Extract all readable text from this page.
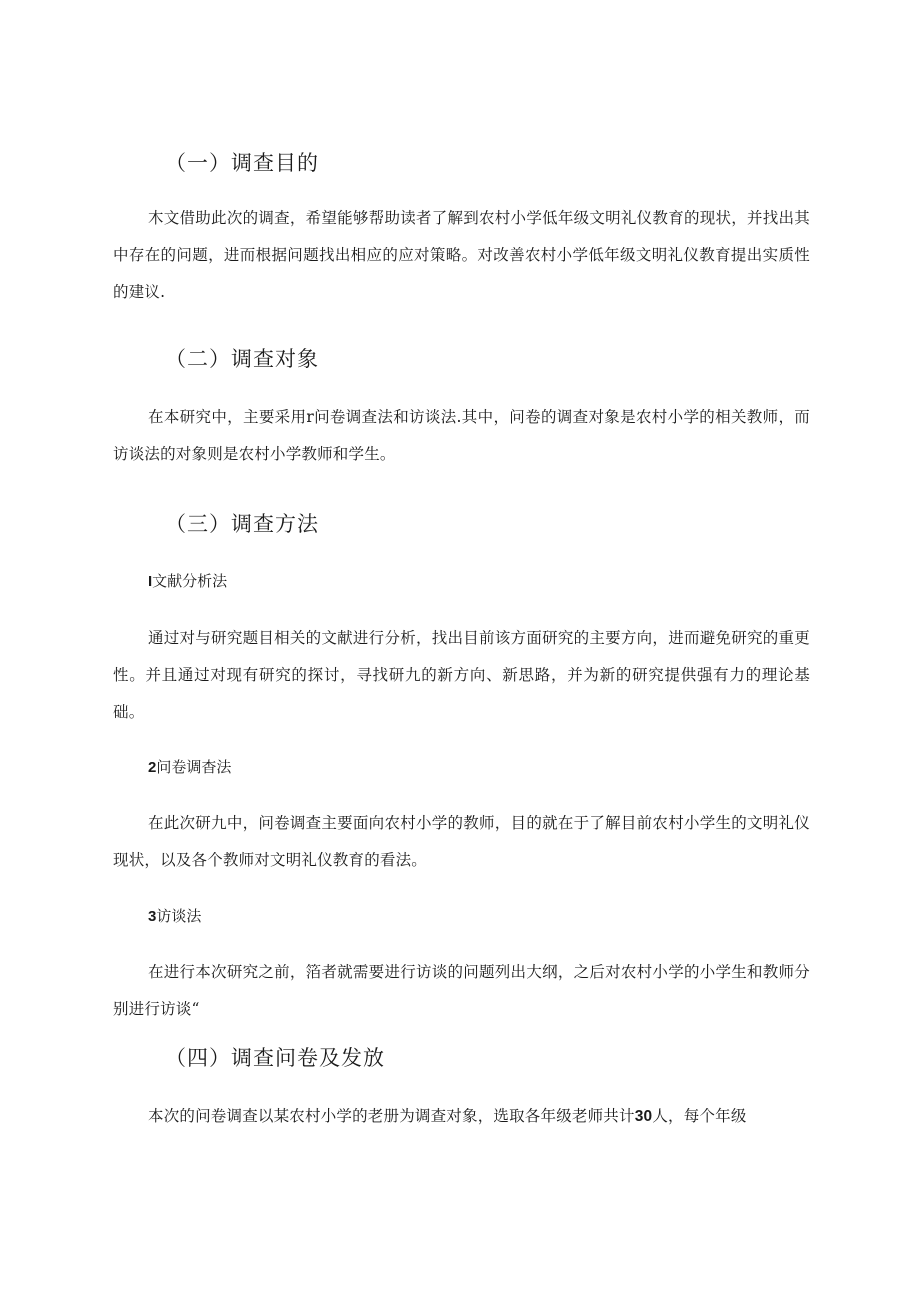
（一）调查目的
木文借助此次的调查，希望能够帮助读者了解到农村小学低年级文明礼仪教育的现状，并找出其中存在的问题，进而根据问题找出相应的应对策略。对改善农村小学低年级文明礼仪教育提出实质性的建议.
（二）调查对象
在本研究中，主要采用r问卷调查法和访谈法.其中，问卷的调查对象是农村小学的相关教师，而访谈法的对象则是农村小学教师和学生。
（三）调查方法
I文献分析法
通过对与研究题目相关的文献进行分析，找出目前该方面研究的主要方向，进而避免研究的重更性。并且通过对现有研究的探讨，寻找研九的新方向、新思路，并为新的研究提供强有力的理论基础。
2问卷调杳法
在此次研九中，问卷调查主要面向农村小学的教师，目的就在于了解目前农村小学生的文明礼仪现状，以及各个教师对文明礼仪教育的看法。
3访谈法
在进行本次研究之前，箔者就需要进行访谈的问题列出大纲，之后对农村小学的小学生和教师分别进行访谈“
（四）调查问卷及发放
本次的问卷调查以某农村小学的老册为调查对象，选取各年级老师共计30人，每个年级
